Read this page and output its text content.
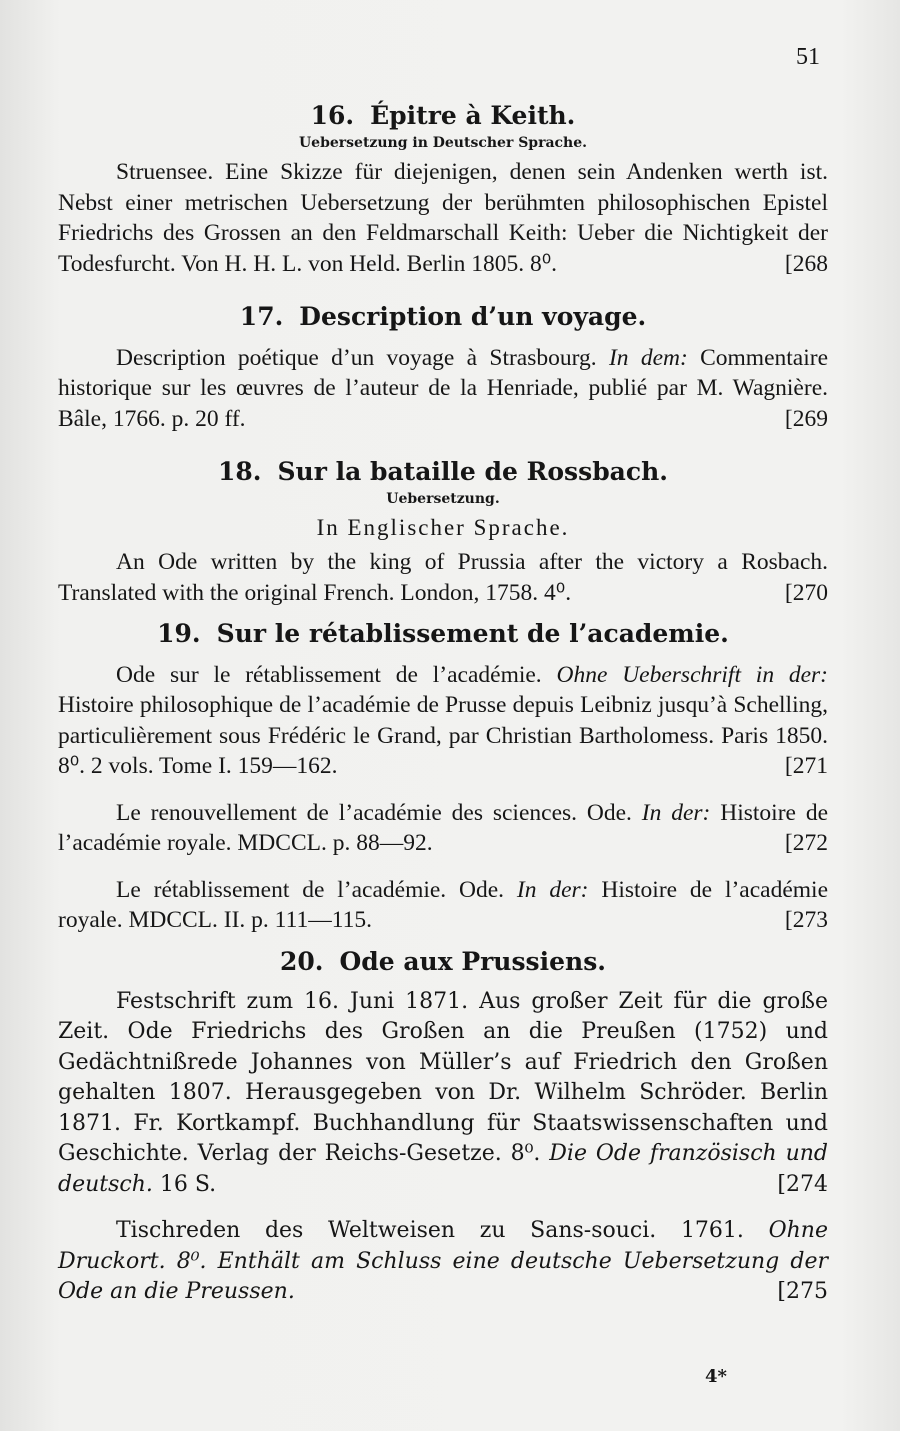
51
16. Épitre à Keith.
Uebersetzung in Deutscher Sprache.

Struensee. Eine Skizze für diejenigen, denen sein Andenken werth ist. Nebst einer metrischen Uebersetzung der berühmten philosophischen Epistel Friedrichs des Grossen an den Feldmarschall Keith: Ueber die Nichtigkeit der Todesfurcht. Von H. H. L. von Held. Berlin 1805. 8⁰.	[268

17. Description d’un voyage.

Description poétique d’un voyage à Strasbourg. In dem: Commentaire historique sur les œuvres de l’auteur de la Henriade, publié par M. Wagnière. Bâle, 1766. p. 20 ff.	[269

18. Sur la bataille de Rossbach.
Uebersetzung.
In Englischer Sprache.

An Ode written by the king of Prussia after the victory a Rosbach. Translated with the original French. London, 1758. 4⁰.	[270

19. Sur le rétablissement de l’academie.

Ode sur le rétablissement de l’académie. Ohne Ueberschrift in der: Histoire philosophique de l’académie de Prusse depuis Leibniz jusqu’à Schelling, particulièrement sous Frédéric le Grand, par Christian Bartholomess. Paris 1850. 8⁰. 2 vols. Tome I. 159—162.	[271

Le renouvellement de l’académie des sciences. Ode. In der: Histoire de l’académie royale. MDCCL. p. 88—92.	[272

Le rétablissement de l’académie. Ode. In der: Histoire de l’académie royale. MDCCL. II. p. 111—115.	[273

20. Ode aux Prussiens.

Festschrift zum 16. Juni 1871. Aus großer Zeit für die große Zeit. Ode Friedrichs des Großen an die Preußen (1752) und Gedächtnißrede Johannes von Müller’s auf Friedrich den Großen gehalten 1807. Herausgegeben von Dr. Wilhelm Schröder. Berlin 1871. Fr. Kortkampf. Buchhandlung für Staatswissenschaften und Geschichte. Verlag der Reichs-Gesetze. 8⁰. Die Ode französisch und deutsch. 16 S.	[274

Tischreden des Weltweisen zu Sans-souci. 1761. Ohne Druckort. 8⁰. Enthält am Schluss eine deutsche Uebersetzung der Ode an die Preussen.	[275

4*
